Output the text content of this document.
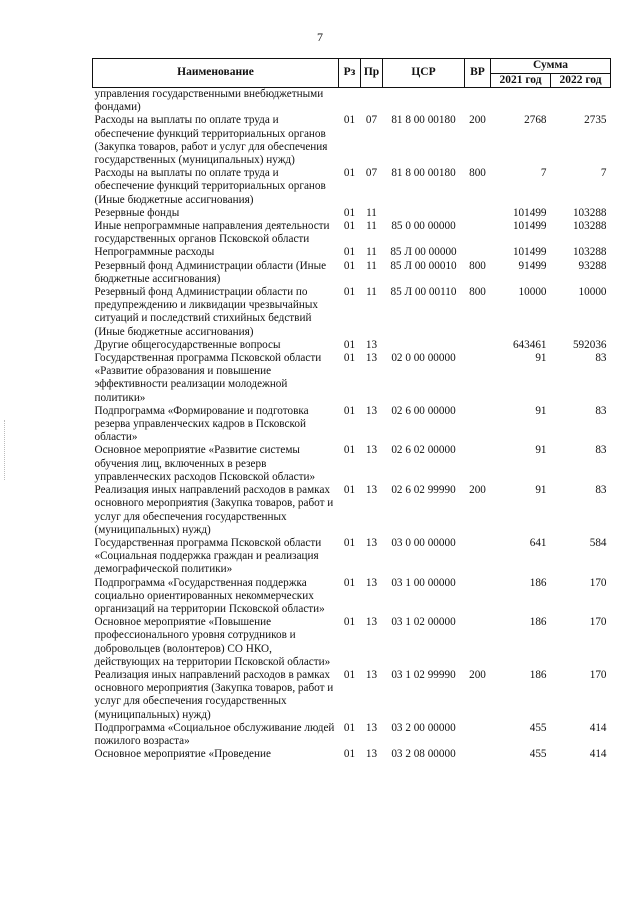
7
Наименование	Рз	Пр	ЦСР	ВР	Сумма	
					2021 год	2022 год
управления государственными внебюджетными фондами)						
Расходы на выплаты по оплате труда и обеспечение функций территориальных органов (Закупка товаров, работ и услуг для обеспечения государственных (муниципальных) нужд)	01	07	81 8 00 00180	200	2768	2735
Расходы на выплаты по оплате труда и обеспечение функций территориальных органов (Иные бюджетные ассигнования)	01	07	81 8 00 00180	800	7	7
Резервные фонды	01	11			101499	103288
Иные непрограммные направления деятельности государственных органов Псковской области	01	11	85 0 00 00000		101499	103288
Непрограммные расходы	01	11	85 Л 00 00000		101499	103288
Резервный фонд Администрации области (Иные бюджетные ассигнования)	01	11	85 Л 00 00010	800	91499	93288
Резервный фонд Администрации области по предупреждению и ликвидации чрезвычайных ситуаций и последствий стихийных бедствий (Иные бюджетные ассигнования)	01	11	85 Л 00 00110	800	10000	10000
Другие общегосударственные вопросы	01	13			643461	592036
Государственная программа Псковской области «Развитие образования и повышение эффективности реализации молодежной политики»	01	13	02 0 00 00000		91	83
Подпрограмма «Формирование и подготовка резерва управленческих кадров в Псковской области»	01	13	02 6 00 00000		91	83
Основное мероприятие «Развитие системы обучения лиц, включенных в резерв управленческих расходов Псковской области»	01	13	02 6 02 00000		91	83
Реализация иных направлений расходов в рамках основного мероприятия (Закупка товаров, работ и услуг для обеспечения государственных (муниципальных) нужд)	01	13	02 6 02 99990	200	91	83
Государственная программа Псковской области «Социальная поддержка граждан и реализация демографической политики»	01	13	03 0 00 00000		641	584
Подпрограмма «Государственная поддержка социально ориентированных некоммерческих организаций на территории Псковской области»	01	13	03 1 00 00000		186	170
Основное мероприятие «Повышение профессионального уровня сотрудников и добровольцев (волонтеров) СО НКО, действующих на территории Псковской области»	01	13	03 1 02 00000		186	170
Реализация иных направлений расходов в рамках основного мероприятия (Закупка товаров, работ и услуг для обеспечения государственных (муниципальных) нужд)	01	13	03 1 02 99990	200	186	170
Подпрограмма «Социальное обслуживание людей пожилого возраста»	01	13	03 2 00 00000		455	414
Основное мероприятие «Проведение	01	13	03 2 08 00000		455	414
